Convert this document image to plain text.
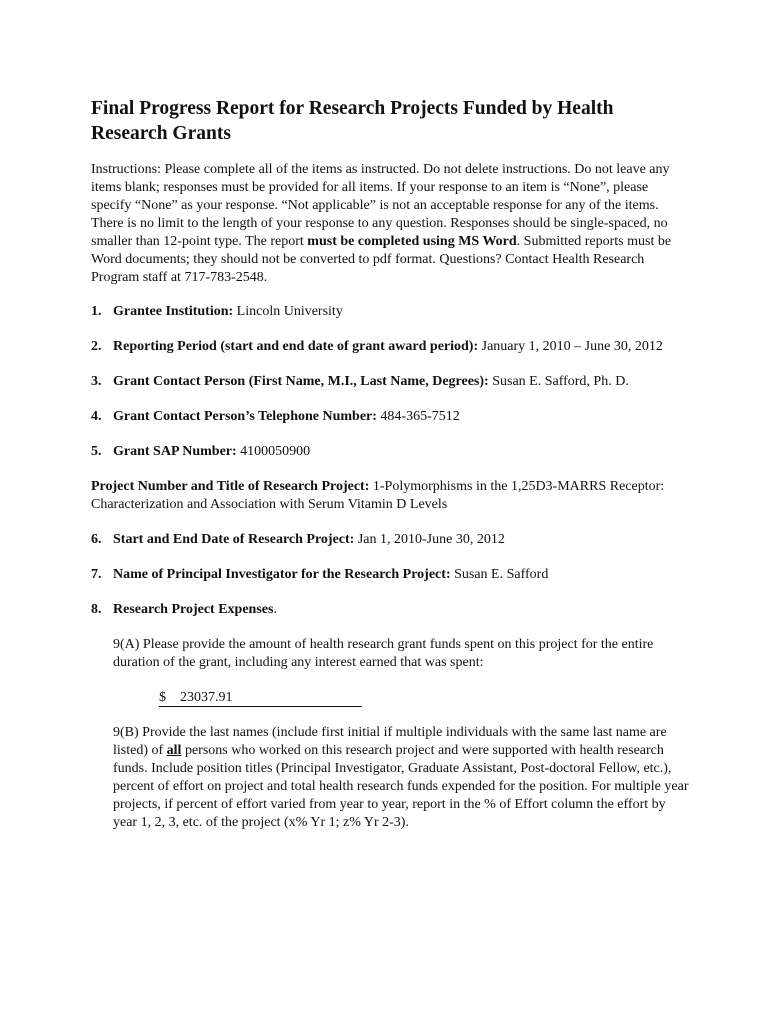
Final Progress Report for Research Projects Funded by Health Research Grants
Instructions: Please complete all of the items as instructed. Do not delete instructions. Do not leave any items blank; responses must be provided for all items. If your response to an item is “None”, please specify “None” as your response. “Not applicable” is not an acceptable response for any of the items. There is no limit to the length of your response to any question. Responses should be single-spaced, no smaller than 12-point type. The report must be completed using MS Word. Submitted reports must be Word documents; they should not be converted to pdf format. Questions? Contact Health Research Program staff at 717-783-2548.
1. Grantee Institution: Lincoln University
2. Reporting Period (start and end date of grant award period): January 1, 2010 – June 30, 2012
3. Grant Contact Person (First Name, M.I., Last Name, Degrees): Susan E. Safford, Ph. D.
4. Grant Contact Person’s Telephone Number: 484-365-7512
5. Grant SAP Number: 4100050900
Project Number and Title of Research Project: 1-Polymorphisms in the 1,25D3-MARRS Receptor: Characterization and Association with Serum Vitamin D Levels
6. Start and End Date of Research Project: Jan 1, 2010-June 30, 2012
7. Name of Principal Investigator for the Research Project: Susan E. Safford
8. Research Project Expenses.
9(A) Please provide the amount of health research grant funds spent on this project for the entire duration of the grant, including any interest earned that was spent:
$ 23037.91
9(B) Provide the last names (include first initial if multiple individuals with the same last name are listed) of all persons who worked on this research project and were supported with health research funds. Include position titles (Principal Investigator, Graduate Assistant, Post-doctoral Fellow, etc.), percent of effort on project and total health research funds expended for the position. For multiple year projects, if percent of effort varied from year to year, report in the % of Effort column the effort by year 1, 2, 3, etc. of the project (x% Yr 1; z% Yr 2-3).
